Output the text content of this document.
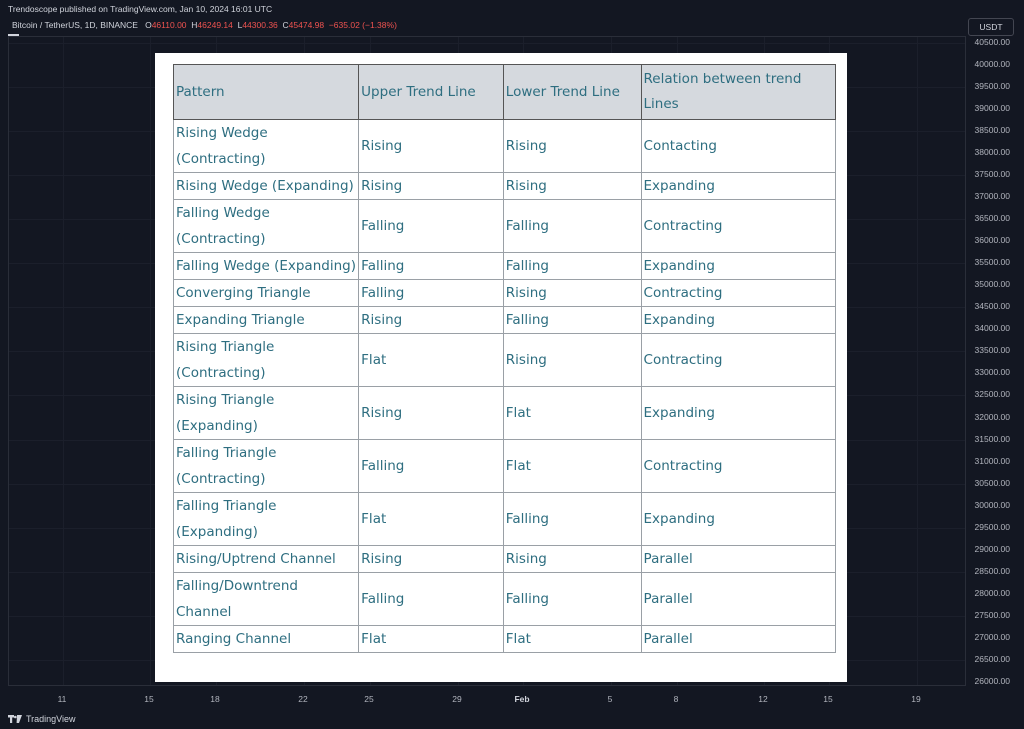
Trendoscope published on TradingView.com, Jan 10, 2024 16:01 UTC
Bitcoin / TetherUS, 1D, BINANCE O46110.00 H46249.14 L44300.36 C45474.98 −635.02 (−1.38%)	USDT
40500.00
40000.00
39500.00
39000.00
38500.00
38000.00
37500.00
37000.00
36500.00
36000.00
35500.00
35000.00
34500.00
34000.00
33500.00
33000.00
32500.00
32000.00
31500.00
31000.00
30500.00
30000.00
29500.00
29000.00
28500.00
28000.00
27500.00
27000.00
26500.00
26000.00
11	15	18	22	25	29	Feb	5	8	12	15	19
TradingView
Pattern	Upper Trend Line	Lower Trend Line	Relation between trend Lines
Rising Wedge (Contracting)	Rising	Rising	Contacting
Rising Wedge (Expanding)	Rising	Rising	Expanding
Falling Wedge (Contracting)	Falling	Falling	Contracting
Falling Wedge (Expanding)	Falling	Falling	Expanding
Converging Triangle	Falling	Rising	Contracting
Expanding Triangle	Rising	Falling	Expanding
Rising Triangle (Contracting)	Flat	Rising	Contracting
Rising Triangle (Expanding)	Rising	Flat	Expanding
Falling Triangle (Contracting)	Falling	Flat	Contracting
Falling Triangle (Expanding)	Flat	Falling	Expanding
Rising/Uptrend Channel	Rising	Rising	Parallel
Falling/Downtrend Channel	Falling	Falling	Parallel
Ranging Channel	Flat	Flat	Parallel
